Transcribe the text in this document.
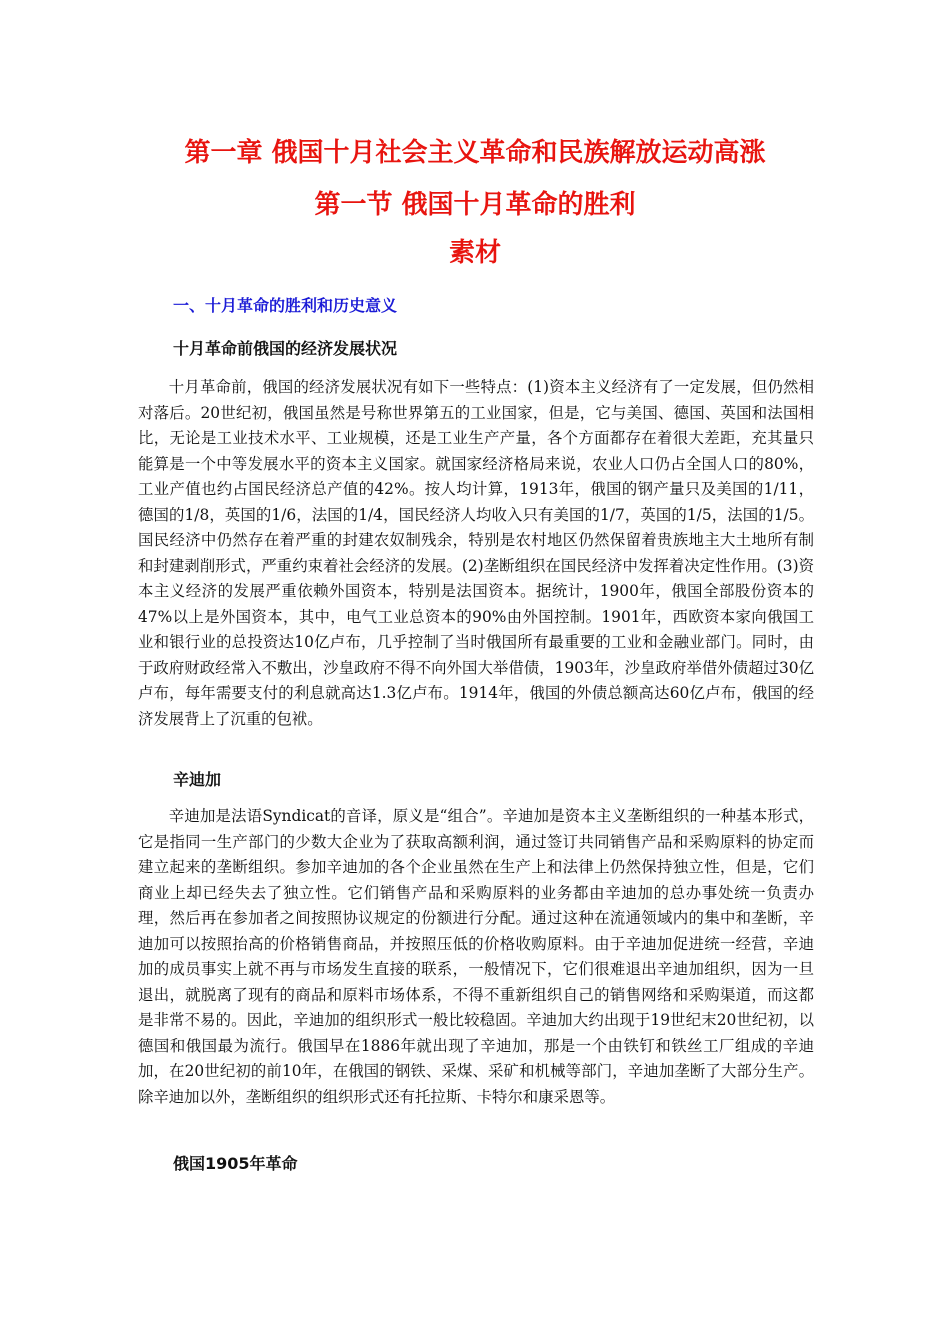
第一章 俄国十月社会主义革命和民族解放运动高涨
第一节 俄国十月革命的胜利
素材
一、十月革命的胜利和历史意义
十月革命前俄国的经济发展状况

十月革命前，俄国的经济发展状况有如下一些特点：(1)资本主义经济有了一定发展，但仍然相对落后。20世纪初，俄国虽然是号称世界第五的工业国家，但是，它与美国、德国、英国和法国相比，无论是工业技术水平、工业规模，还是工业生产产量，各个方面都存在着很大差距，充其量只能算是一个中等发展水平的资本主义国家。就国家经济格局来说，农业人口仍占全国人口的80%，工业产值也约占国民经济总产值的42%。按人均计算，1913年，俄国的钢产量只及美国的1/11，德国的1/8，英国的1/6，法国的1/4，国民经济人均收入只有美国的1/7，英国的1/5，法国的1/5。国民经济中仍然存在着严重的封建农奴制残余，特别是农村地区仍然保留着贵族地主大土地所有制和封建剥削形式，严重约束着社会经济的发展。(2)垄断组织在国民经济中发挥着决定性作用。(3)资本主义经济的发展严重依赖外国资本，特别是法国资本。据统计，1900年，俄国全部股份资本的47%以上是外国资本，其中，电气工业总资本的90%由外国控制。1901年，西欧资本家向俄国工业和银行业的总投资达10亿卢布，几乎控制了当时俄国所有最重要的工业和金融业部门。同时，由于政府财政经常入不敷出，沙皇政府不得不向外国大举借债，1903年，沙皇政府举借外债超过30亿卢布，每年需要支付的利息就高达1.3亿卢布。1914年，俄国的外债总额高达60亿卢布，俄国的经济发展背上了沉重的包袱。

辛迪加

辛迪加是法语Syndicat的音译，原义是“组合”。辛迪加是资本主义垄断组织的一种基本形式，它是指同一生产部门的少数大企业为了获取高额利润，通过签订共同销售产品和采购原料的协定而建立起来的垄断组织。参加辛迪加的各个企业虽然在生产上和法律上仍然保持独立性，但是，它们商业上却已经失去了独立性。它们销售产品和采购原料的业务都由辛迪加的总办事处统一负责办理，然后再在参加者之间按照协议规定的份额进行分配。通过这种在流通领域内的集中和垄断，辛迪加可以按照抬高的价格销售商品，并按照压低的价格收购原料。由于辛迪加促进统一经营，辛迪加的成员事实上就不再与市场发生直接的联系，一般情况下，它们很难退出辛迪加组织，因为一旦退出，就脱离了现有的商品和原料市场体系，不得不重新组织自己的销售网络和采购渠道，而这都是非常不易的。因此，辛迪加的组织形式一般比较稳固。辛迪加大约出现于19世纪末20世纪初，以德国和俄国最为流行。俄国早在1886年就出现了辛迪加，那是一个由铁钉和铁丝工厂组成的辛迪加，在20世纪初的前10年，在俄国的钢铁、采煤、采矿和机械等部门，辛迪加垄断了大部分生产。除辛迪加以外，垄断组织的组织形式还有托拉斯、卡特尔和康采恩等。

俄国1905年革命
